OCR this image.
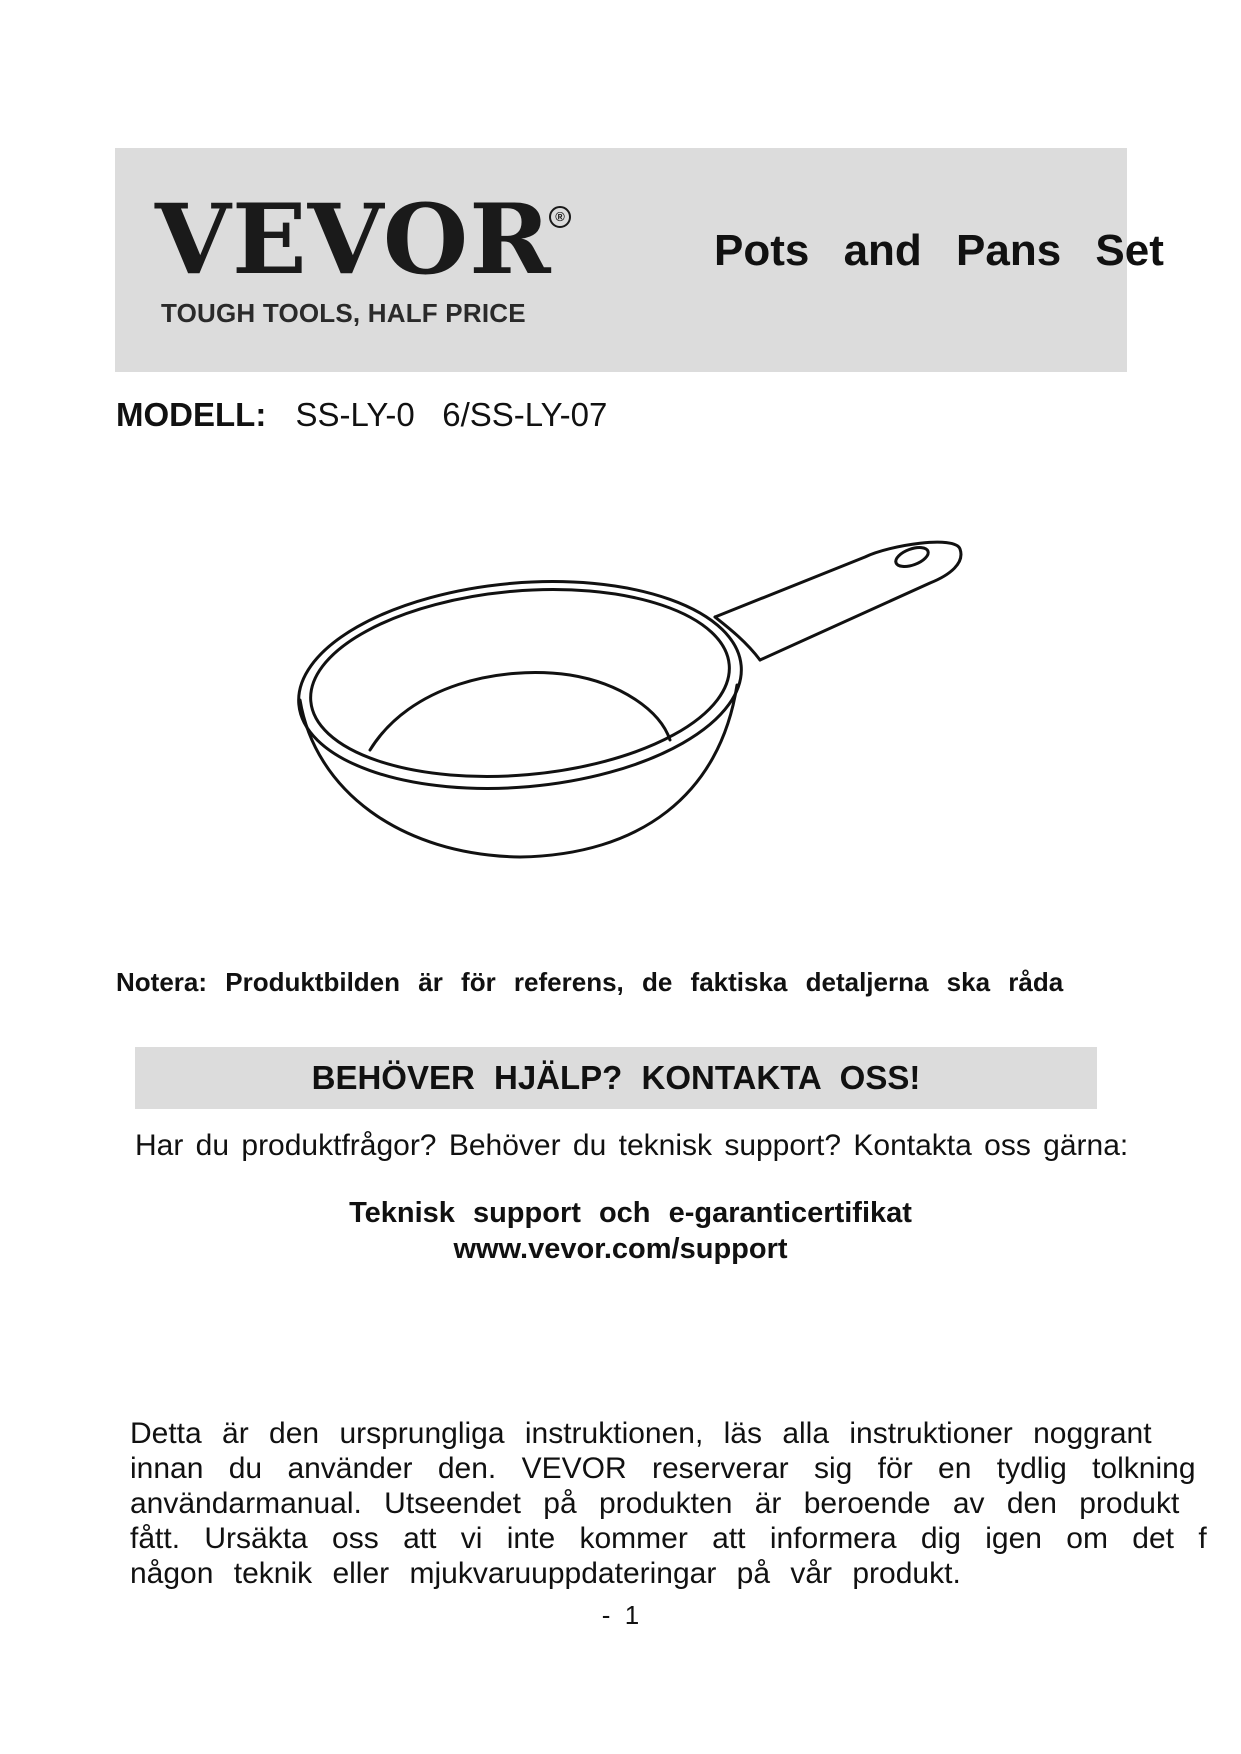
VEVOR ®
TOUGH TOOLS, HALF PRICE
Pots and Pans Set
MODELL: SS-LY-0   6/SS-LY-07
Notera: Produktbilden är för referens, de faktiska detaljerna ska råda
BEHÖVER HJÄLP? KONTAKTA OSS!
Har du produktfrågor? Behöver du teknisk support? Kontakta oss gärna:
Teknisk support och e-garanticertifikat
www.vevor.com/support

Detta är den ursprungliga instruktionen, läs alla instruktioner noggrant
innan du använder den. VEVOR reserverar sig för en tydlig tolkning
användarmanual. Utseendet på produkten är beroende av den produkt
fått. Ursäkta oss att vi inte kommer att informera dig igen om det f
någon teknik eller mjukvaruuppdateringar på vår produkt.

-  1
